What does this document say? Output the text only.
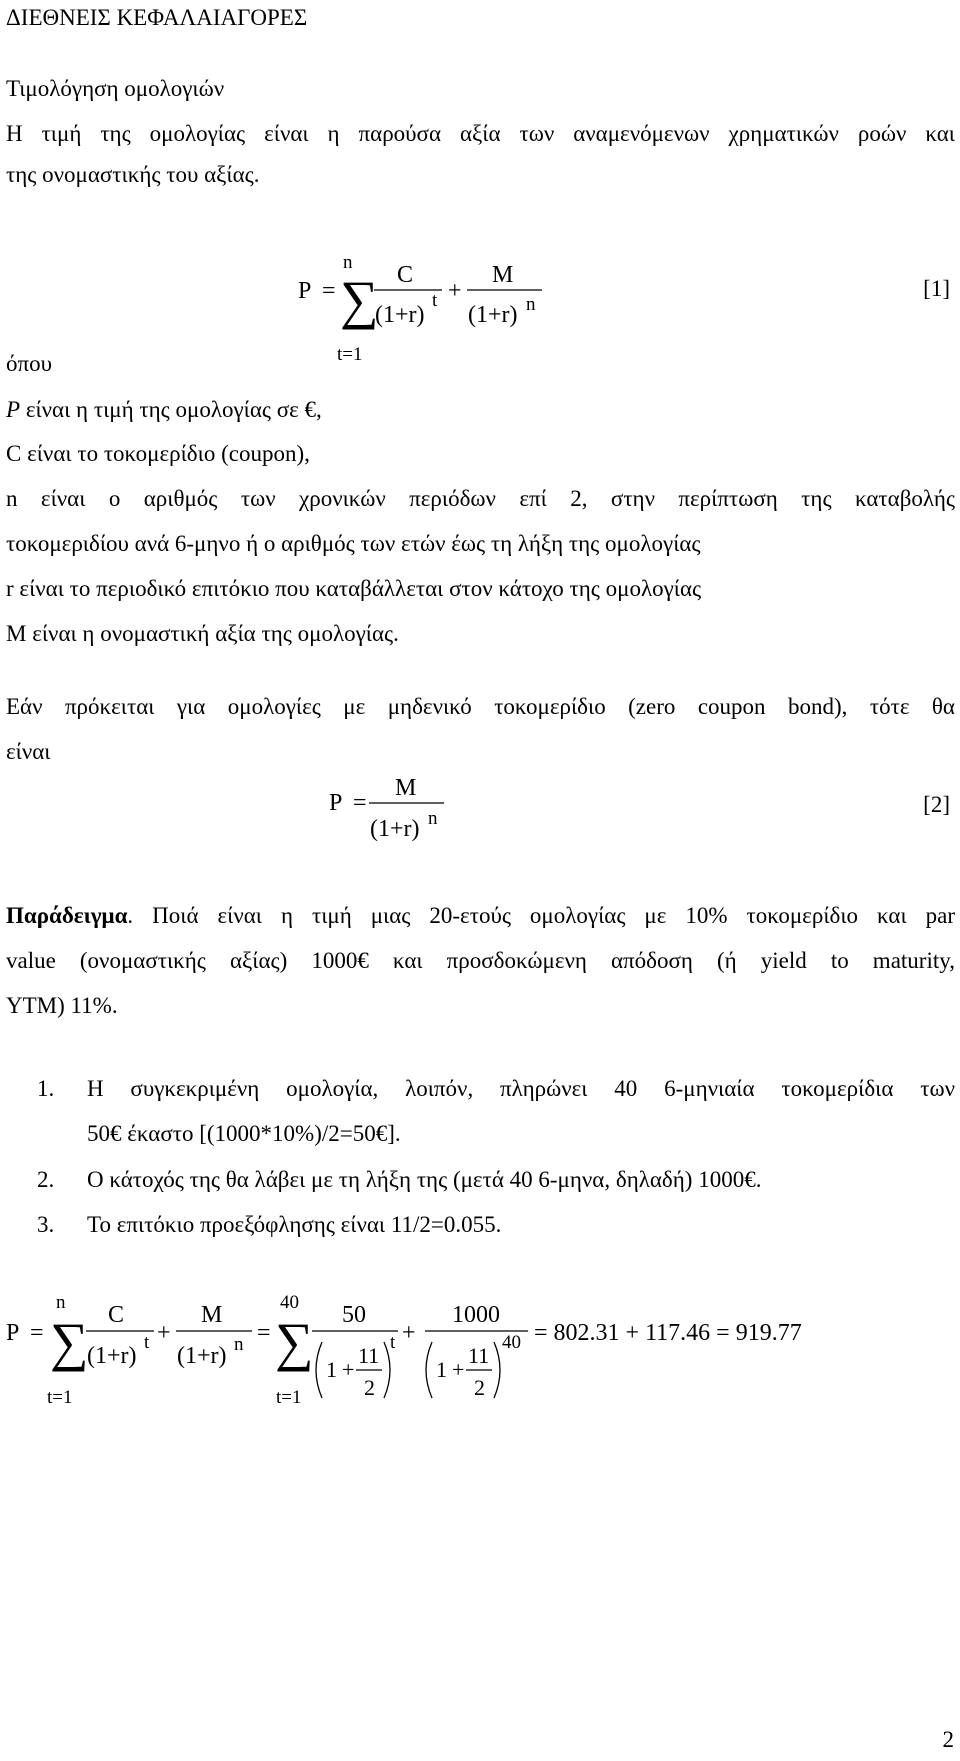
ΔΙΕΘΝΕΙΣ ΚΕΦΑΛΑΙΑΓΟΡΕΣ
Τιμολόγηση ομολογιών
Η τιμή της ομολογίας είναι η παρούσα αξία των αναμενόμενων χρηματικών ροών και
της ονομαστικής του αξίας.
P =
n
∑
t=1
C
(1+r)
t +
M
(1+r) n
[1]
όπου
P είναι η τιμή της ομολογίας σε €,
C είναι το τοκομερίδιο (coupon),
n είναι ο αριθμός των χρονικών περιόδων επί 2, στην περίπτωση της καταβολής
τοκομεριδίου ανά 6-μηνο ή ο αριθμός των ετών έως τη λήξη της ομολογίας
r είναι το περιοδικό επιτόκιο που καταβάλλεται στον κάτοχο της ομολογίας
M είναι η ονομαστική αξία της ομολογίας.
Εάν πρόκειται για ομολογίες με μηδενικό τοκομερίδιο (zero coupon bond), τότε θα
είναι
P =
M
(1+r) n
[2]
Παράδειγμα. Ποιά είναι η τιμή μιας 20-ετούς ομολογίας με 10% τοκομερίδιο και par
value (ονομαστικής αξίας) 1000€ και προσδοκώμενη απόδοση (ή yield to maturity,
YTM) 11%.
1. Η συγκεκριμένη ομολογία, λοιπόν, πληρώνει 40 6-μηνιαία τοκομερίδια των
50€ έκαστο [(1000*10%)/2=50€].
2. Ο κάτοχός της θα λάβει με τη λήξη της (μετά 40 6-μηνα, δηλαδή) 1000€.
3. Το επιτόκιο προεξόφλησης είναι 11/2=0.055.
P =
n
∑
t=1
C
(1+r)
t +
M
(1+r) n =
40
∑
t=1
50
1 +
11
2
t +
1000
1 +
11
2
40 = 802.31 + 117.46 = 919.77
2
